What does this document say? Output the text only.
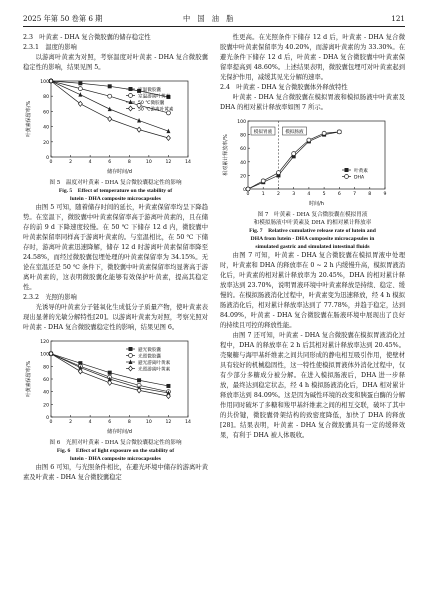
2025 年第 50 卷第 6 期	中　国　油　脂	121

2.3　叶黄素 - DHA 复合微胶囊的储存稳定性

2.3.1　温度的影响

以游离叶黄素为对照，考察温度对叶黄素 - DHA 复合微胶囊稳定性的影响，结果见图 5。

0
20
40
60
80
100
0	2	4	6	8	10	12	14
储存时间/d
叶黄素保留率/%
室温微胶囊
室温游离叶黄素
50 ℃微胶囊
50 ℃游离叶黄素
图 5　温度对叶黄素 - DHA 复合微胶囊稳定性的影响
Fig. 5　Effect of temperature on the stability of
lutein - DHA composite microcapsules

由图 5 可知，随着储存时间的延长，叶黄素保留率均呈下降趋势。在室温下，微胶囊中叶黄素保留率高于游离叶黄素的，且在储存的前 9 d 下降速度较慢。在 50 ℃ 下储存 12 d 内，微胶囊中叶黄素保留率同样高于游离叶黄素的。与室温相比，在 50 ℃ 下储存时，游离叶黄素迅速降解，储存 12 d 时游离叶黄素保留率降至 24.58%，而经过微胶囊包埋处理的叶黄素保留率为 34.15%。无论在室温还是 50 ℃ 条件下，微胶囊中叶黄素保留率均显著高于游离叶黄素的，这表明微胶囊化能够有效保护叶黄素，提高其稳定性。

2.3.2　光照的影响

光诱导的叶黄素分子链氧化生成低分子质量产物，使叶黄素表现出显著的光敏分解特性[20]。以游离叶黄素为对照，考察光照对叶黄素 - DHA 复合微胶囊稳定性的影响，结果见图 6。

0
20
40
60
80
100
120
0	2	4	6	8	10	12	14
储存时间/d
叶黄素保留率/%
避光微胶囊
光照微胶囊
避光游离叶黄素
光照游离叶黄素
图 6　光照对叶黄素 - DHA 复合微胶囊稳定性的影响
Fig. 6　Effect of light exposure on the stability of
lutein - DHA composite microcapsules

由图 6 可知，与光照条件相比，在避光环境中储存的游离叶黄素及叶黄素 - DHA 复合微胶囊稳定

性更高。在光照条件下储存 12 d 后，叶黄素 - DHA 复合微胶囊中叶黄素保留率为 40.20%，而游离叶黄素的为 33.30%。在避光条件下储存 12 d 后，叶黄素 - DHA 复合微胶囊中叶黄素保留率提高到 48.60%。上述结果表明，微胶囊包埋可对叶黄素起到光保护作用，减缓其见光分解的速率。

2.4　叶黄素 - DHA 复合微胶囊体外释放特性

叶黄素 - DHA 复合微胶囊在模拟胃液和模拟肠液中叶黄素及 DHA 的相对累计释放率如图 7 所示。

0
20
40
60
80
100
0	1	2	3	4	5	6	7	8	9
时间/h
相对累计释放率/%
模拟胃液	模拟肠液
叶黄素
DHA
图 7　叶黄素 - DHA 复合微胶囊在模拟胃液
和模拟肠液中叶黄素及 DHA 的相对累计释放率
Fig. 7　Relative cumulative release rate of lutein and
DHA from lutein - DHA composite microcapsules in
simulated gastric and simulated intestinal fluids

由图 7 可知，叶黄素 - DHA 复合微胶囊在模拟胃液中处理时，叶黄素和 DHA 的释放率在 0 ~ 2 h 内缓慢升高，模拟胃液消化后，叶黄素的相对累计释放率为 20.45%，DHA 的相对累计释放率达到 23.70%，说明胃液环境中叶黄素释放是持续、稳定、缓慢的。在模拟肠液消化过程中，叶黄素变为迅速释放，经 4 h 模拟肠液消化后，相对累计释放率达到了 77.78%，并趋于稳定，达到 84.09%，叶黄素 - DHA 复合微胶囊在肠液环境中展现出了良好的持续且可控的释放性能。

由图 7 还可知，叶黄素 - DHA 复合微胶囊在模拟胃液消化过程中，DHA 的释放率在 2 h 后其相对累计释放率达到 20.45%。壳聚糖与海甲基纤维素之间共同形成的静电相互吸引作用，使壁材具有较好的机械稳固性，这一特性使模拟胃液体外消化过程中，仅有少部分多糖成分被分解。在进入模拟肠液后，DHA 进一步释放，最终达到稳定状态，经 4 h 模拟肠液消化后，DHA 相对累计释放率达到 84.09%。这是因为碱性环境的改变和胰蛋白酶的分解作用同时破坏了多糖和羧甲基纤维素之间的相互交联，破坏了其中的共价键，微胶囊骨架结构的致密度降低，加快了 DHA 的释放[28]。结果表明，叶黄素 - DHA 复合微胶囊具有一定的缓释效果，有利于 DHA 被人体吸收。
